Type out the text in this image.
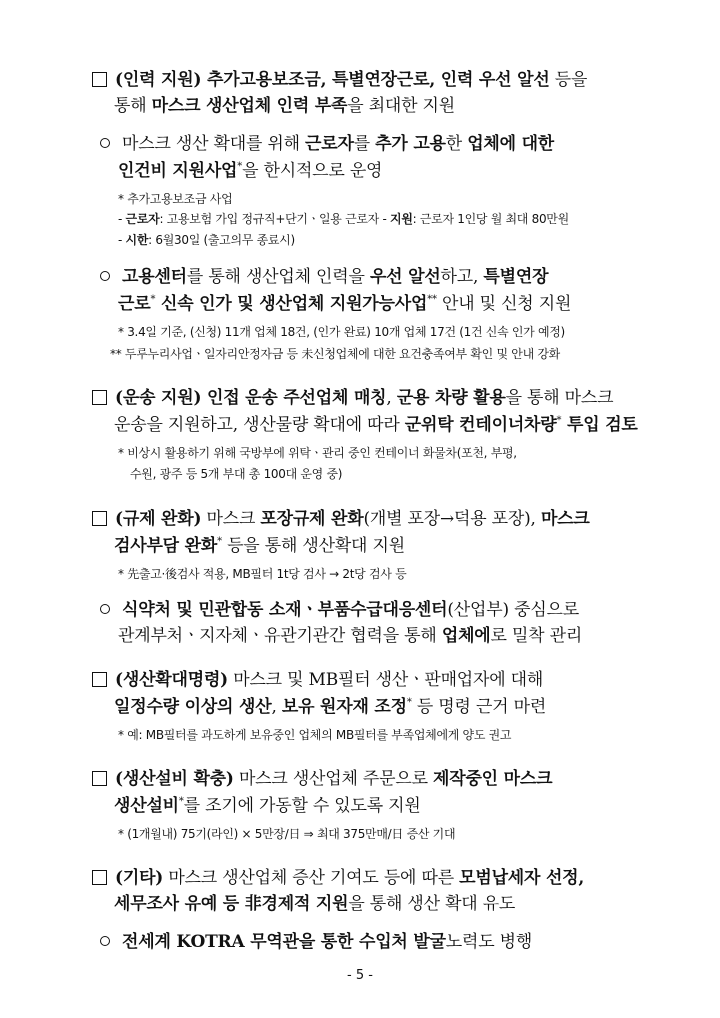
- 5 -
(인력 지원) 추가고용보조금, 특별연장근로, 인력 우선 알선 등을
통해 마스크 생산업체 인력 부족을 최대한 지원
마스크 생산 확대를 위해 근로자를 추가 고용한 업체에 대한
인건비 지원사업*을 한시적으로 운영
* 추가고용보조금 사업
- 근로자: 고용보험 가입 정규직+단기ㆍ일용 근로자 - 지원: 근로자 1인당 월 최대 80만원
- 시한: 6월30일 (출고의무 종료시)
고용센터를 통해 생산업체 인력을 우선 알선하고, 특별연장
근로* 신속 인가 및 생산업체 지원가능사업** 안내 및 신청 지원
* 3.4일 기준, (신청) 11개 업체 18건, (인가 완료) 10개 업체 17건 (1건 신속 인가 예정)
** 두루누리사업ㆍ일자리안정자금 등 未신청업체에 대한 요건충족여부 확인 및 안내 강화
(운송 지원) 인접 운송 주선업체 매칭, 군용 차량 활용을 통해 마스크
운송을 지원하고, 생산물량 확대에 따라 군위탁 컨테이너차량* 투입 검토
* 비상시 활용하기 위해 국방부에 위탁ㆍ관리 중인 컨테이너 화물차(포천, 부평,
수원, 광주 등 5개 부대 총 100대 운영 중)
(규제 완화) 마스크 포장규제 완화(개별 포장→덕용 포장), 마스크
검사부담 완화* 등을 통해 생산확대 지원
* 先출고·後검사 적용, MB필터 1t당 검사 → 2t당 검사 등
식약처 및 민관합동 소재ㆍ부품수급대응센터(산업부) 중심으로
관계부처ㆍ지자체ㆍ유관기관간 협력을 통해 업체에로 밀착 관리
(생산확대명령) 마스크 및 MB필터 생산ㆍ판매업자에 대해
일정수량 이상의 생산, 보유 원자재 조정* 등 명령 근거 마련
* 예: MB필터를 과도하게 보유중인 업체의 MB필터를 부족업체에게 양도 권고
(생산설비 확충) 마스크 생산업체 주문으로 제작중인 마스크
생산설비*를 조기에 가동할 수 있도록 지원
* (1개월내) 75기(라인) × 5만장/日 ⇒ 최대 375만매/日 증산 기대
(기타) 마스크 생산업체 증산 기여도 등에 따른 모범납세자 선정,
세무조사 유예 등 非경제적 지원을 통해 생산 확대 유도
전세계 KOTRA 무역관을 통한 수입처 발굴노력도 병행
